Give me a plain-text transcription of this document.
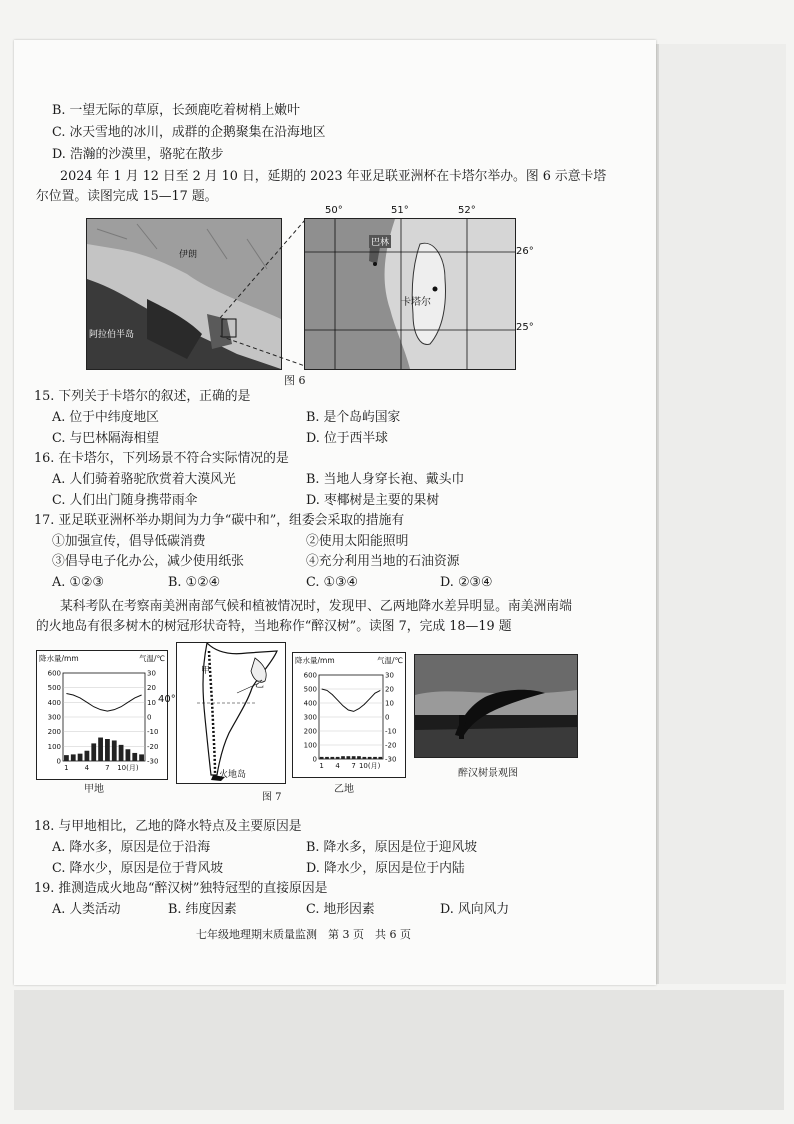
B. 一望无际的草原，长颈鹿吃着树梢上嫩叶
C. 冰天雪地的冰川，成群的企鹅聚集在沿海地区
D. 浩瀚的沙漠里，骆驼在散步
2024 年 1 月 12 日至 2 月 10 日，延期的 2023 年亚足联亚洲杯在卡塔尔举办。图 6 示意卡塔
尔位置。读图完成 15—17 题。
伊朗
阿拉伯半岛
50°	51°	52°
巴林
卡塔尔
26°
25°
图 6
15. 下列关于卡塔尔的叙述，正确的是
A. 位于中纬度地区	B. 是个岛屿国家
C. 与巴林隔海相望	D. 位于西半球
16. 在卡塔尔，下列场景不符合实际情况的是
A. 人们骑着骆驼欣赏着大漠风光	B. 当地人身穿长袍、戴头巾
C. 人们出门随身携带雨伞	D. 枣椰树是主要的果树
17. 亚足联亚洲杯举办期间为力争“碳中和”，组委会采取的措施有
①加强宣传，倡导低碳消费	②使用太阳能照明
③倡导电子化办公，减少使用纸张	④充分利用当地的石油资源
A. ①②③	B. ①②④	C. ①③④	D. ②③④
某科考队在考察南美洲南部气候和植被情况时，发现甲、乙两地降水差异明显。南美洲南端
的火地岛有很多树木的树冠形状奇特，当地称作“醉汉树”。读图 7，完成 18—19 题
降水量/mm	气温/℃
600
500
400
300
200
100
0
30
20
10
0
-10
-20
-30
1 4 7 10(月)
甲地
甲
乙
火地岛
40°
图 7
降水量/mm	气温/℃
600
500
400
300
200
100
0
30
20
10
0
-10
-20
-30
1 4 7 10(月)
乙地
醉汉树景观图
18. 与甲地相比，乙地的降水特点及主要原因是
A. 降水多，原因是位于沿海	B. 降水多，原因是位于迎风坡
C. 降水少，原因是位于背风坡	D. 降水少，原因是位于内陆
19. 推测造成火地岛“醉汉树”独特冠型的直接原因是
A. 人类活动	B. 纬度因素	C. 地形因素	D. 风向风力
七年级地理期末质量监测　第 3 页　共 6 页
